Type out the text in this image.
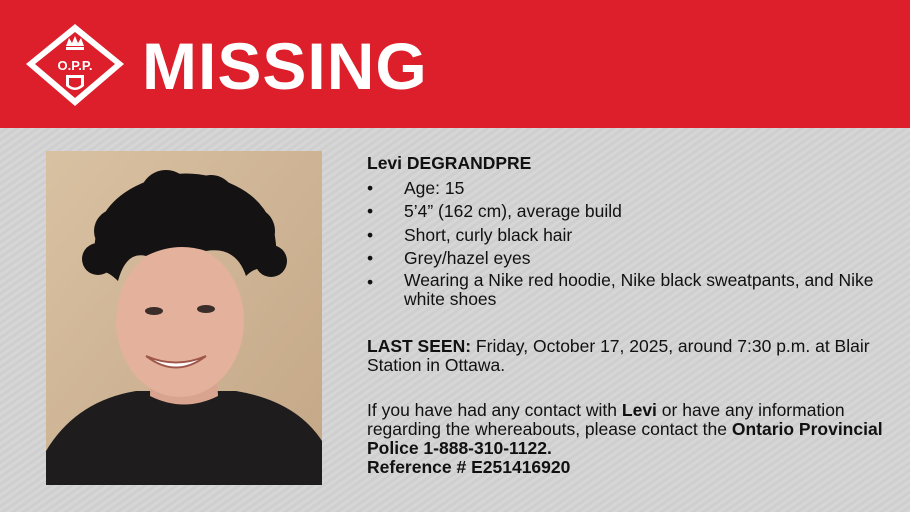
O.P.P. MISSING
Levi DEGRANDPRE
• Age: 15
• 5’4” (162 cm), average build
• Short, curly black hair
• Grey/hazel eyes
• Wearing a Nike red hoodie, Nike black sweatpants, and Nike white shoes
LAST SEEN: Friday, October 17, 2025, around 7:30 p.m. at Blair Station in Ottawa.
If you have had any contact with Levi or have any information regarding the whereabouts, please contact the Ontario Provincial Police 1-888-310-1122.
Reference # E251416920
